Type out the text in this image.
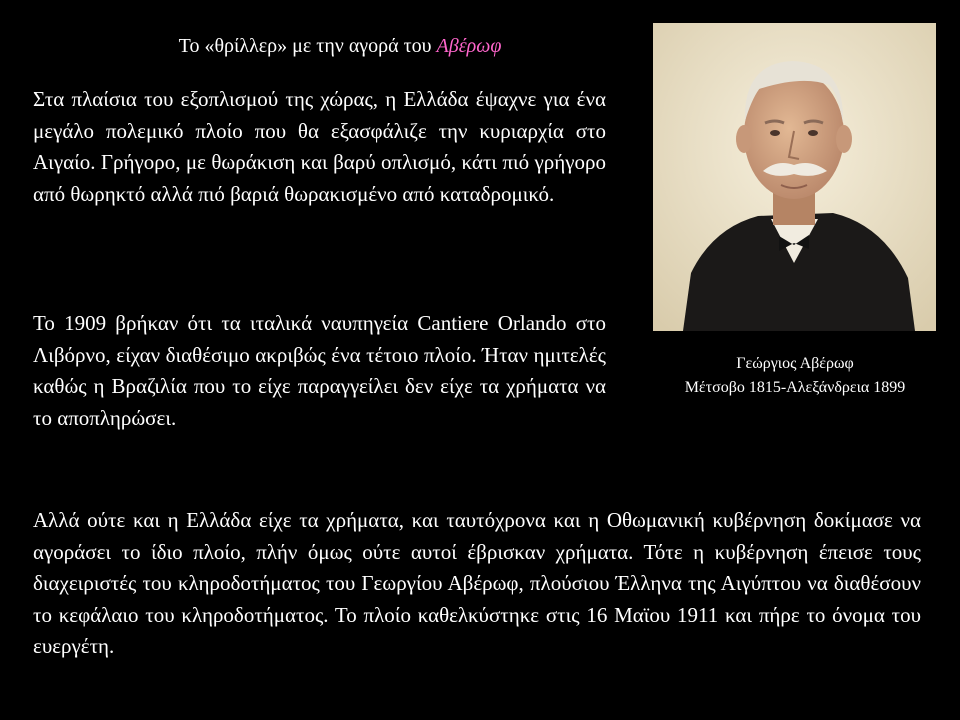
Το «θρίλλερ» με την αγορά του Αβέρωφ

Στα πλαίσια του εξοπλισμού της χώρας, η Ελλάδα έψαχνε για ένα μεγάλο πολεμικό πλοίο που θα εξασφάλιζε την κυριαρχία στο Αιγαίο. Γρήγορο, με θωράκιση και βαρύ οπλισμό, κάτι πιό γρήγορο από θωρηκτό αλλά πιό βαριά θωρακισμένο από καταδρομικό.

Το 1909 βρήκαν ότι τα ιταλικά ναυπηγεία Cantiere Orlando στο Λιβόρνο, είχαν διαθέσιμο ακριβώς ένα τέτοιο πλοίο. Ήταν ημιτελές καθώς η Βραζιλία που το είχε παραγγείλει δεν είχε τα χρήματα να το αποπληρώσει.

Αλλά ούτε και η Ελλάδα είχε τα χρήματα, και ταυτόχρονα και η Οθωμανική κυβέρνηση δοκίμασε να αγοράσει το ίδιο πλοίο, πλήν όμως ούτε αυτοί έβρισκαν χρήματα. Τότε η κυβέρνηση έπεισε τους διαχειριστές του κληροδοτήματος του Γεωργίου Αβέρωφ, πλούσιου Έλληνα της Αιγύπτου να διαθέσουν το κεφάλαιο του κληροδοτήματος. Το πλοίο καθελκύστηκε στις 16 Μαϊου 1911 και πήρε το όνομα του ευεργέτη.

Γεώργιος Αβέρωφ
Μέτσοβο 1815-Αλεξάνδρεια 1899
